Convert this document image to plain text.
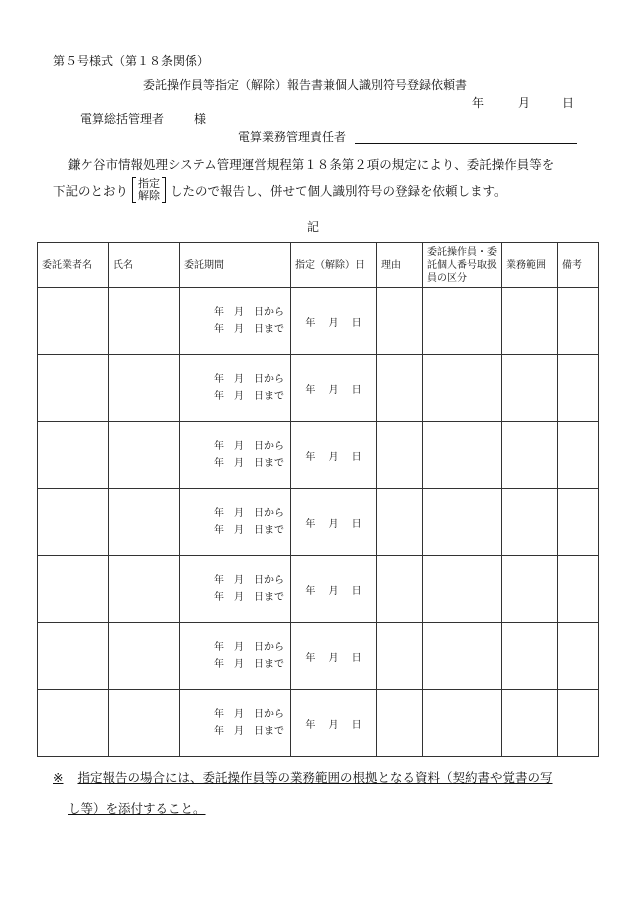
第５号様式（第１８条関係）
委託操作員等指定（解除）報告書兼個人識別符号登録依頼書
年	月	日
電算総括管理者	様
電算業務管理責任者
鎌ケ谷市情報処理システム管理運営規程第１８条第２項の規定により、委託操作員等を
下記のとおり 指定
解除 したので報告し、併せて個人識別符号の登録を依頼します。
記
委託業者名	氏名	委託期間	指定（解除）日	理由	委託操作員・委託個人番号取扱員の区分	業務範囲	備考

		年　月　日から
年　月　日まで	年 月 日				

		年　月　日から
年　月　日まで	年 月 日				

		年　月　日から
年　月　日まで	年 月 日				

		年　月　日から
年　月　日まで	年 月 日				

		年　月　日から
年　月　日まで	年 月 日				

		年　月　日から
年　月　日まで	年 月 日				

		年　月　日から
年　月　日まで	年 月 日				
※ 指定報告の場合には、委託操作員等の業務範囲の根拠となる資料（契約書や覚書の写
し等）を添付すること。
